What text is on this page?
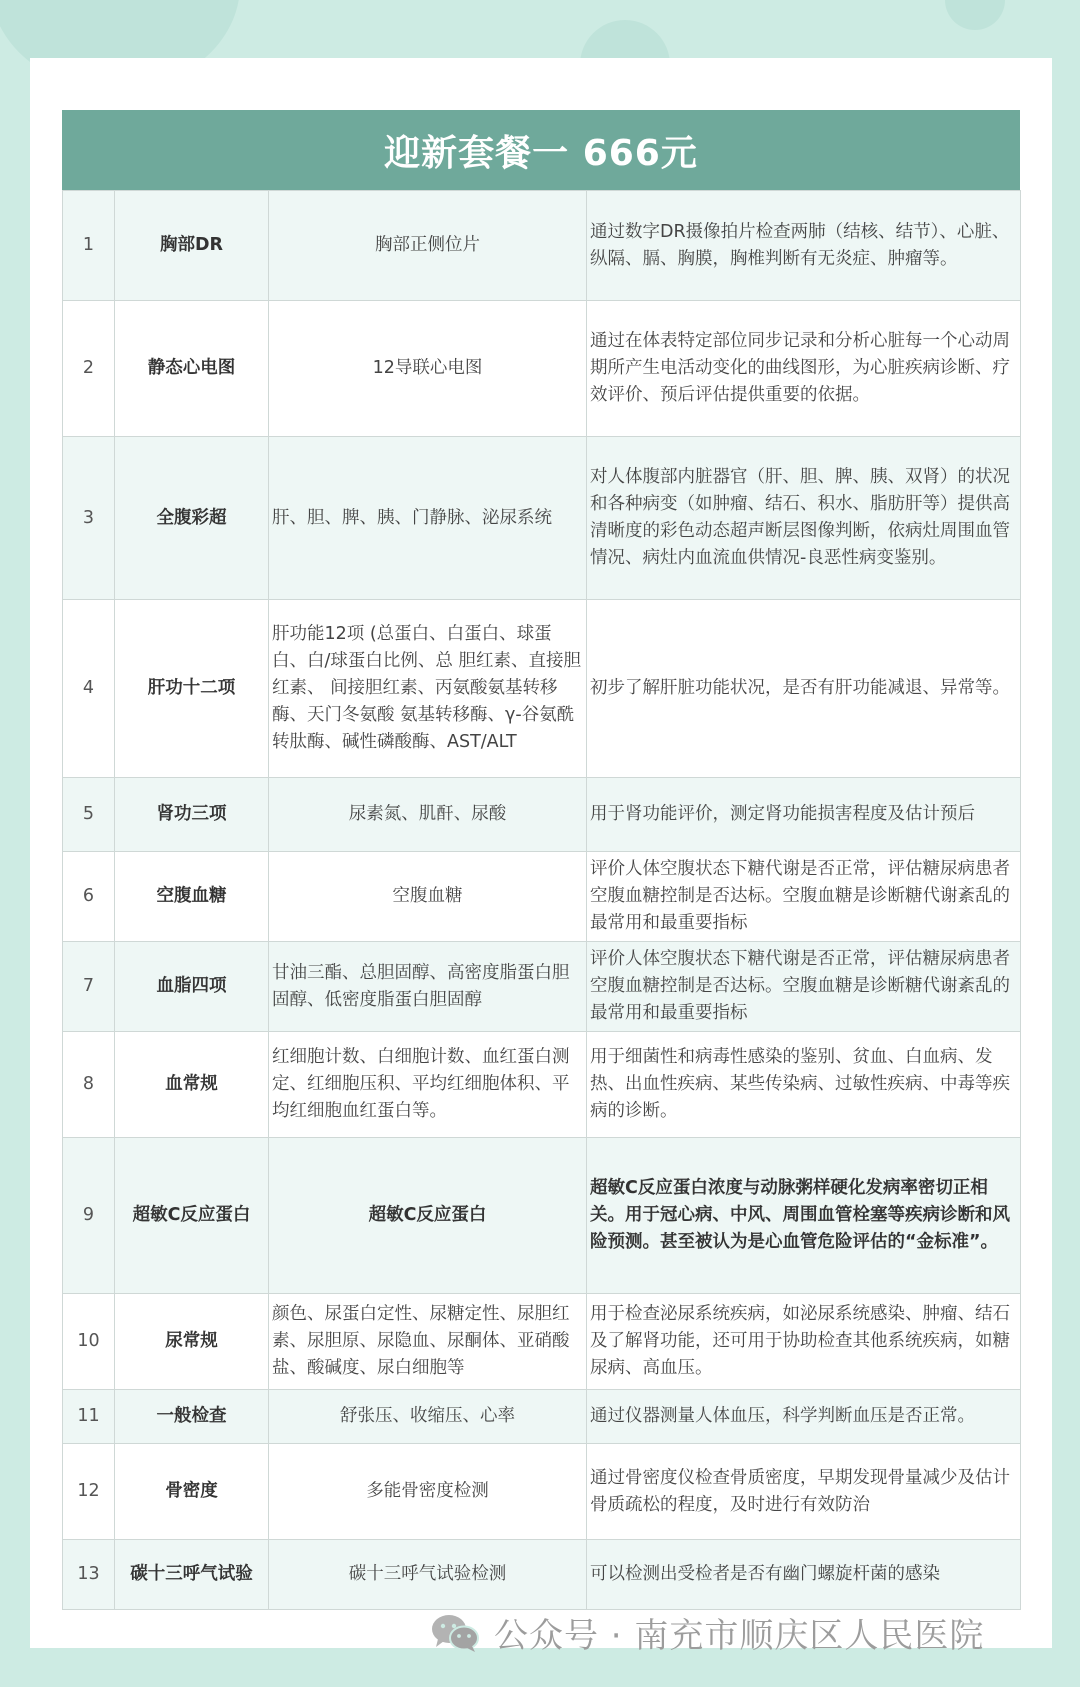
迎新套餐一 666元
1	胸部DR	胸部正侧位片	通过数字DR摄像拍片检查两肺（结核、结节）、心脏、纵隔、膈、胸膜，胸椎判断有无炎症、肿瘤等。
2	静态心电图	12导联心电图	通过在体表特定部位同步记录和分析心脏每一个心动周期所产生电活动变化的曲线图形，为心脏疾病诊断、疗效评价、预后评估提供重要的依据。
3	全腹彩超	肝、胆、脾、胰、门静脉、泌尿系统	对人体腹部内脏器官（肝、胆、脾、胰、双肾）的状况和各种病变（如肿瘤、结石、积水、脂肪肝等）提供高清晰度的彩色动态超声断层图像判断，依病灶周围血管情况、病灶内血流血供情况-良恶性病变鉴别。
4	肝功十二项	肝功能12项 (总蛋白、白蛋白、球蛋白、白/球蛋白比例、总 胆红素、直接胆红素、 间接胆红素、丙氨酸氨基转移酶、天门冬氨酸 氨基转移酶、γ-谷氨酰 转肽酶、碱性磷酸酶、AST/ALT	初步了解肝脏功能状况，是否有肝功能减退、异常等。
5	肾功三项	尿素氮、肌酐、尿酸	用于肾功能评价，测定肾功能损害程度及估计预后
6	空腹血糖	空腹血糖	评价人体空腹状态下糖代谢是否正常，评估糖尿病患者空腹血糖控制是否达标。空腹血糖是诊断糖代谢紊乱的最常用和最重要指标
7	血脂四项	甘油三酯、总胆固醇、高密度脂蛋白胆固醇、低密度脂蛋白胆固醇	评价人体空腹状态下糖代谢是否正常，评估糖尿病患者空腹血糖控制是否达标。空腹血糖是诊断糖代谢紊乱的最常用和最重要指标
8	血常规	红细胞计数、白细胞计数、血红蛋白测定、红细胞压积、平均红细胞体积、平均红细胞血红蛋白等。	用于细菌性和病毒性感染的鉴别、贫血、白血病、发热、出血性疾病、某些传染病、过敏性疾病、中毒等疾病的诊断。
9	超敏C反应蛋白	超敏C反应蛋白	超敏C反应蛋白浓度与动脉粥样硬化发病率密切正相关。用于冠心病、中风、周围血管栓塞等疾病诊断和风险预测。甚至被认为是心血管危险评估的“金标准”。
10	尿常规	颜色、尿蛋白定性、尿糖定性、尿胆红素、尿胆原、尿隐血、尿酮体、亚硝酸盐、酸碱度、尿白细胞等	用于检查泌尿系统疾病，如泌尿系统感染、肿瘤、结石及了解肾功能，还可用于协助检查其他系统疾病，如糖尿病、高血压。
11	一般检查	舒张压、收缩压、心率	通过仪器测量人体血压，科学判断血压是否正常。
12	骨密度	多能骨密度检测	通过骨密度仪检查骨质密度，早期发现骨量减少及估计骨质疏松的程度，及时进行有效防治
13	碳十三呼气试验	碳十三呼气试验检测	可以检测出受检者是否有幽门螺旋杆菌的感染
公众号 · 南充市顺庆区人民医院
